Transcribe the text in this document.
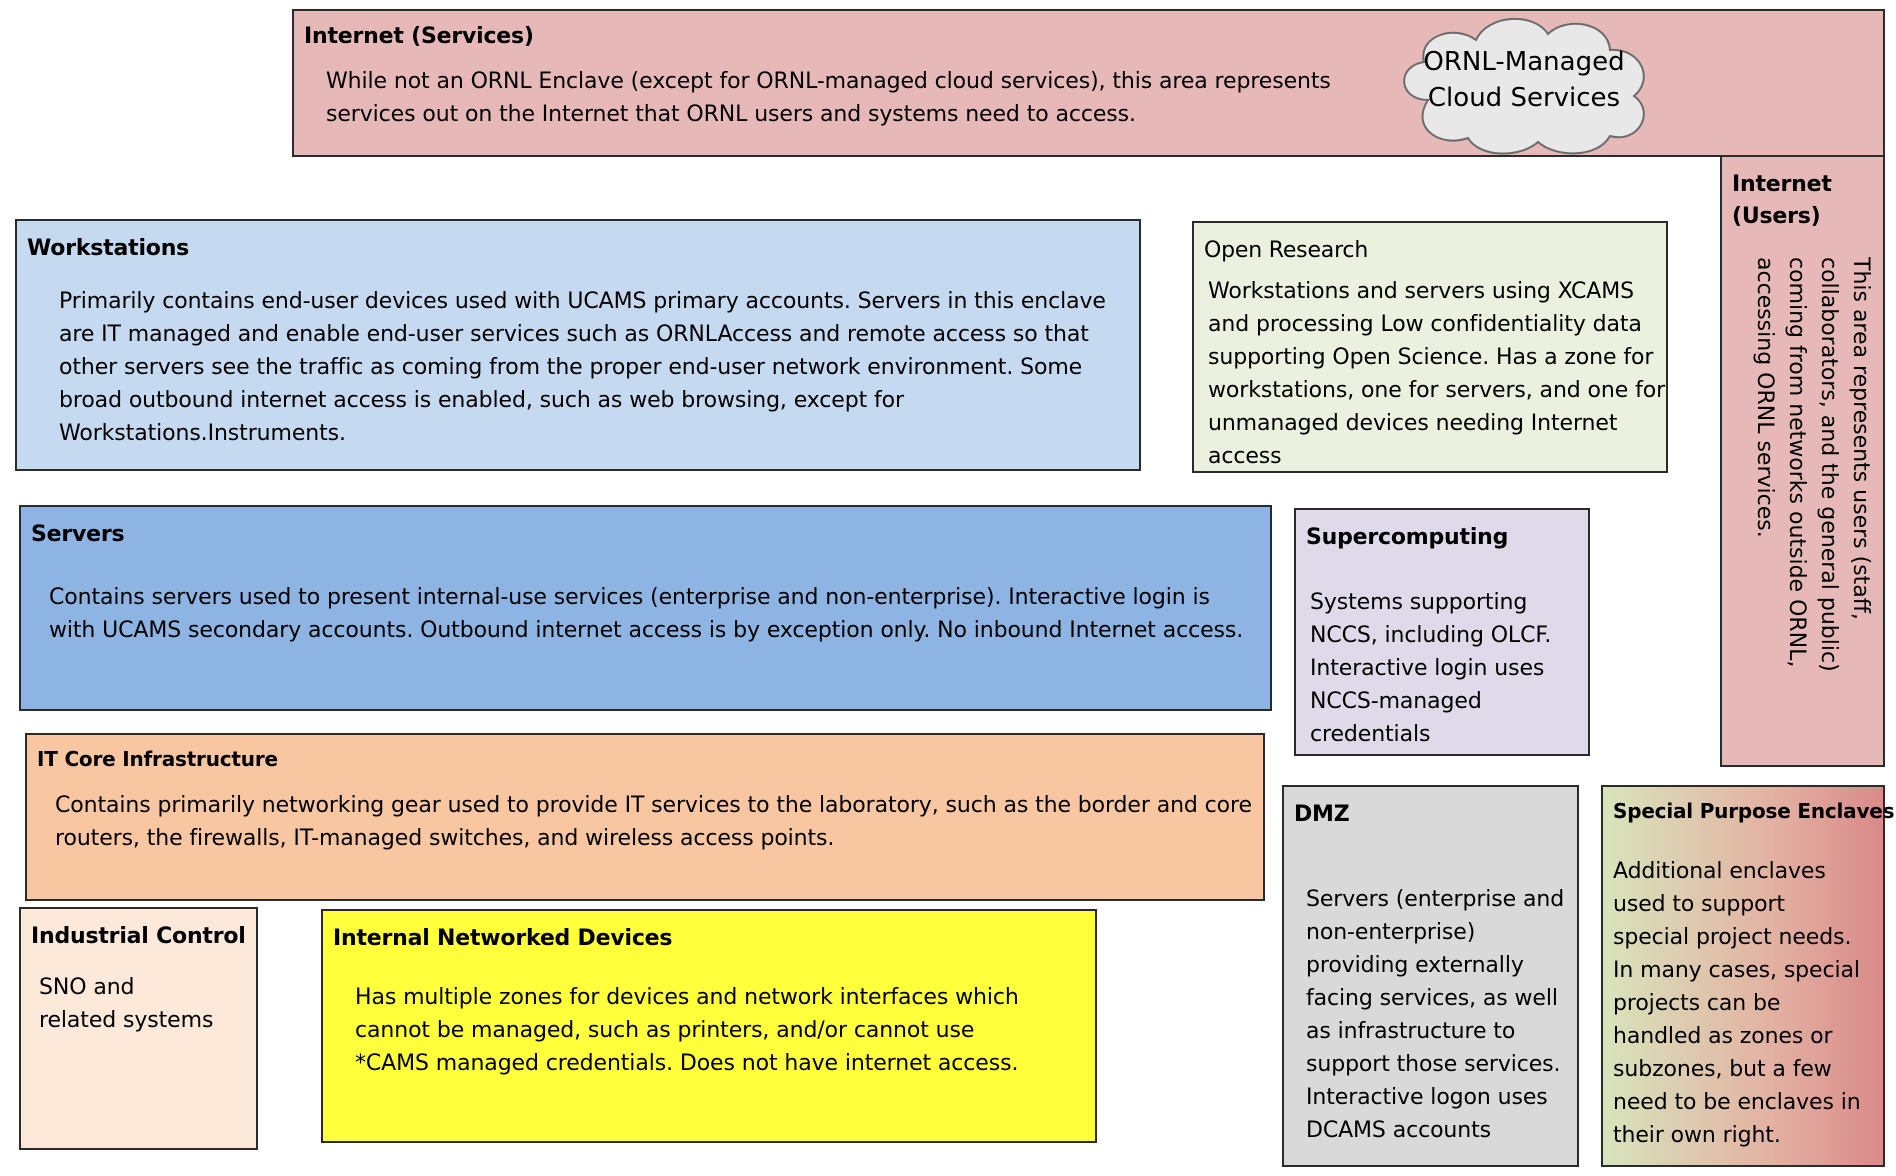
Internet (Services)
While not an ORNL Enclave (except for ORNL-managed cloud services), this area represents services out on the Internet that ORNL users and systems need to access.
ORNL-Managed
Cloud Services
Internet
(Users)
This area represents users (staff,
collaborators, and the general public)
coming from networks outside ORNL,
accessing ORNL services.
Workstations
Primarily contains end-user devices used with UCAMS primary accounts. Servers in this enclave are IT managed and enable end-user services such as ORNLAccess and remote access so that other servers see the traffic as coming from the proper end-user network environment. Some broad outbound internet access is enabled, such as web browsing, except for Workstations.Instruments.
Open Research
Workstations and servers using XCAMS and processing Low confidentiality data supporting Open Science. Has a zone for workstations, one for servers, and one for unmanaged devices needing Internet access
Servers
Contains servers used to present internal-use services (enterprise and non-enterprise). Interactive login is with UCAMS secondary accounts. Outbound internet access is by exception only. No inbound Internet access.
Supercomputing
Systems supporting
NCCS, including OLCF.
Interactive login uses
NCCS-managed
credentials
IT Core Infrastructure
Contains primarily networking gear used to provide IT services to the laboratory, such as the border and core routers, the firewalls, IT-managed switches, and wireless access points.
Industrial Control
SNO and
related systems
Internal Networked Devices
Has multiple zones for devices and network interfaces which
cannot be managed, such as printers, and/or cannot use
*CAMS managed credentials. Does not have internet access.
DMZ
Servers (enterprise and
non-enterprise)
providing externally
facing services, as well
as infrastructure to
support those services.
Interactive logon uses
DCAMS accounts
Special Purpose Enclaves
Additional enclaves
used to support
special project needs.
In many cases, special
projects can be
handled as zones or
subzones, but a few
need to be enclaves in
their own right.
